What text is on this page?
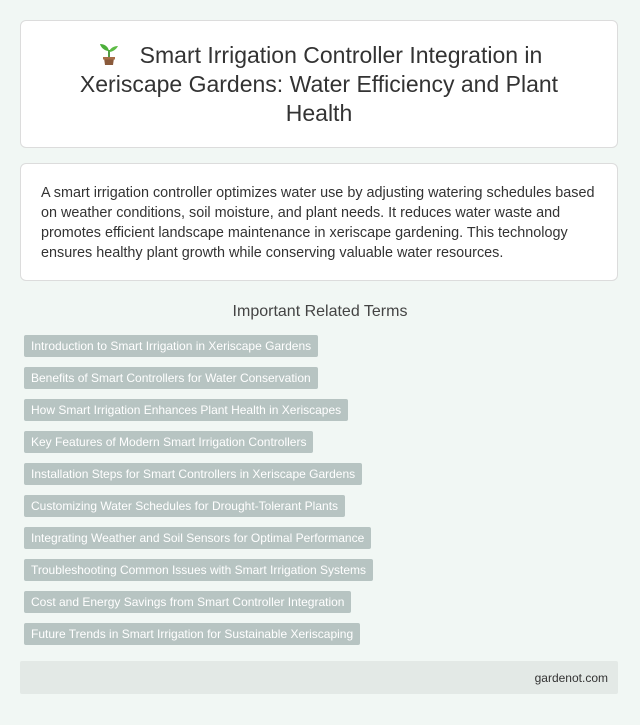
Smart Irrigation Controller Integration in Xeriscape Gardens: Water Efficiency and Plant Health

A smart irrigation controller optimizes water use by adjusting watering schedules based on weather conditions, soil moisture, and plant needs. It reduces water waste and promotes efficient landscape maintenance in xeriscape gardening. This technology ensures healthy plant growth while conserving valuable water resources.

Important Related Terms
Introduction to Smart Irrigation in Xeriscape Gardens
Benefits of Smart Controllers for Water Conservation
How Smart Irrigation Enhances Plant Health in Xeriscapes
Key Features of Modern Smart Irrigation Controllers
Installation Steps for Smart Controllers in Xeriscape Gardens
Customizing Water Schedules for Drought-Tolerant Plants
Integrating Weather and Soil Sensors for Optimal Performance
Troubleshooting Common Issues with Smart Irrigation Systems
Cost and Energy Savings from Smart Controller Integration
Future Trends in Smart Irrigation for Sustainable Xeriscaping
gardenot.com
